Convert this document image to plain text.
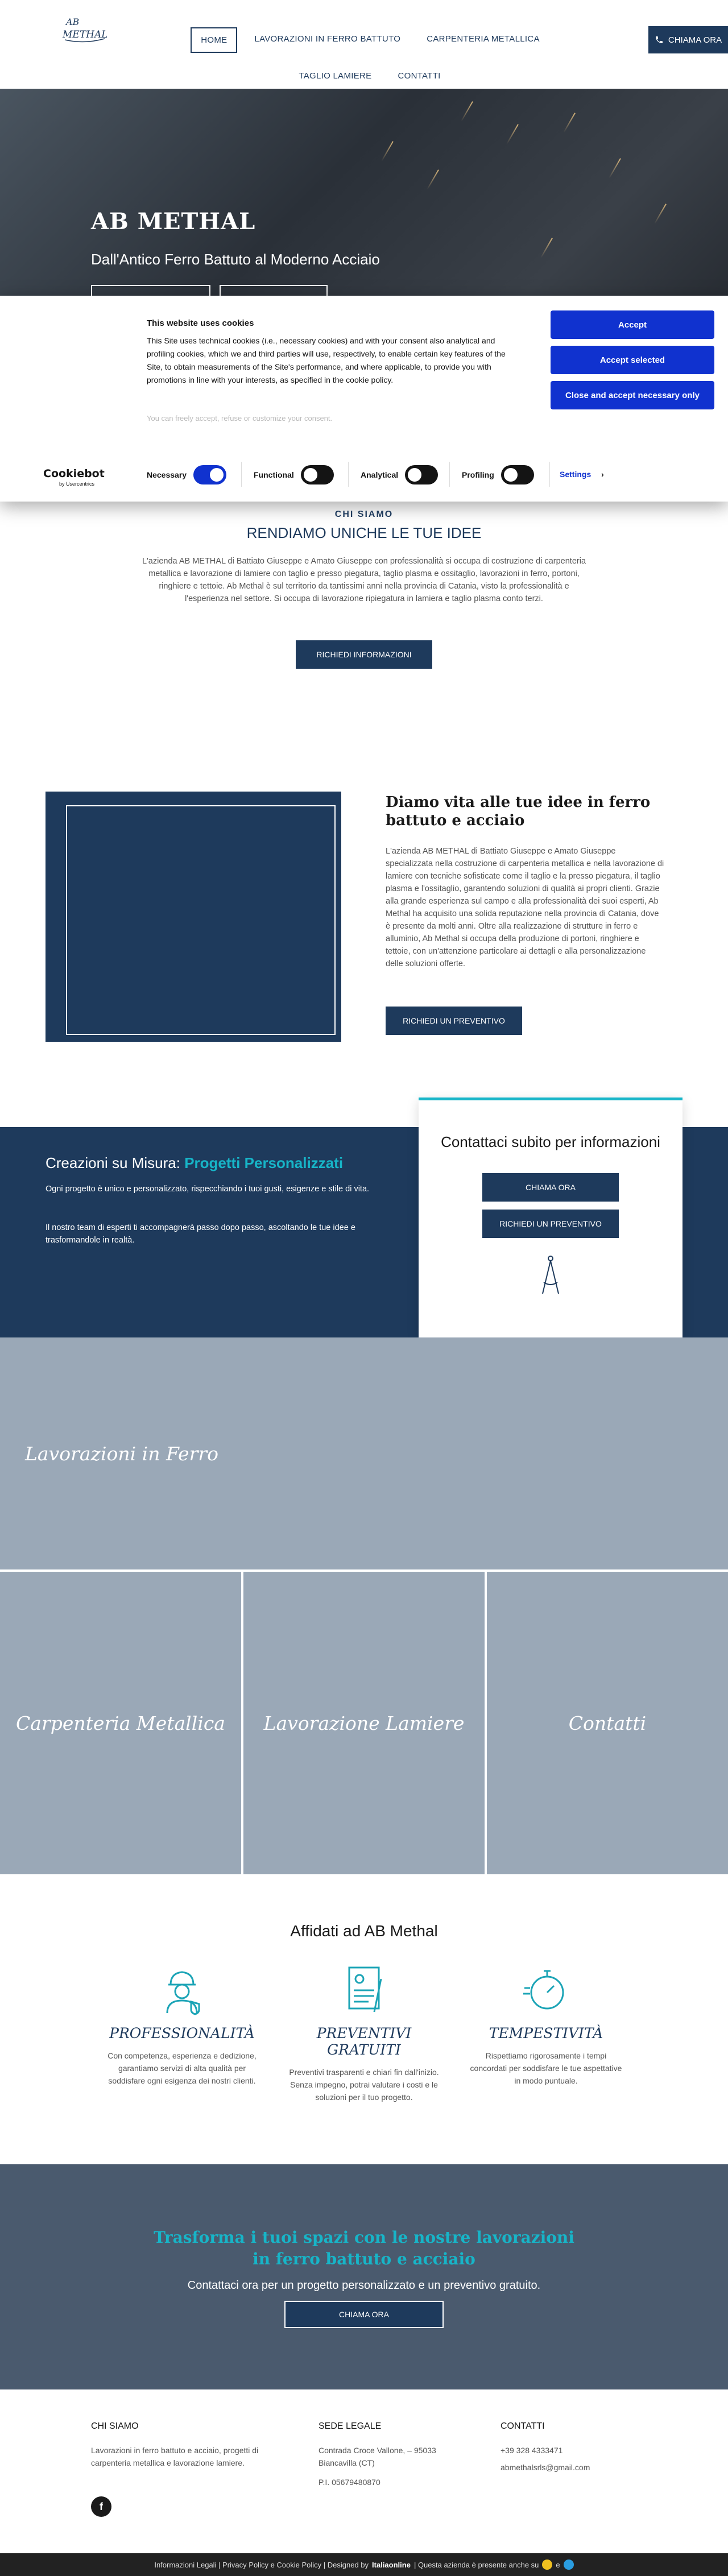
AB
METHAL	HOME	LAVORAZIONI IN FERRO BATTUTO	CARPENTERIA METALLICA
TAGLIO LAMIERE	CONTATTI
CHIAMA ORA
AB METHAL
Dall'Antico Ferro Battuto al Moderno Acciaio
This website uses cookies
This Site uses technical cookies (i.e., necessary cookies) and with your consent also analytical and profiling cookies, which we and third parties will use, respectively, to enable certain key features of the Site, to obtain measurements of the Site's performance, and where applicable, to provide you with promotions in line with your interests, as specified in the cookie policy.
You can freely accept, refuse or customize your consent.
Accept
Accept selected
Close and accept necessary only
Cookiebot
by Usercentrics
Necessary	Functional	Analytical	Profiling	Settings ›
CHI SIAMO
RENDIAMO UNICHE LE TUE IDEE
L'azienda AB METHAL di Battiato Giuseppe e Amato Giuseppe con professionalità si occupa di costruzione di carpenteria metallica e lavorazione di lamiere con taglio e presso piegatura, taglio plasma e ossitaglio, lavorazioni in ferro, portoni, ringhiere e tettoie. Ab Methal è sul territorio da tantissimi anni nella provincia di Catania, visto la professionalità e l'esperienza nel settore. Si occupa di lavorazione ripiegatura in lamiera e taglio plasma conto terzi.
RICHIEDI INFORMAZIONI
Diamo vita alle tue idee in ferro battuto e acciaio
L'azienda AB METHAL di Battiato Giuseppe e Amato Giuseppe specializzata nella costruzione di carpenteria metallica e nella lavorazione di lamiere con tecniche sofisticate come il taglio e la presso piegatura, il taglio plasma e l'ossitaglio, garantendo soluzioni di qualità ai propri clienti. Grazie alla grande esperienza sul campo e alla professionalità dei suoi esperti, Ab Methal ha acquisito una solida reputazione nella provincia di Catania, dove è presente da molti anni. Oltre alla realizzazione di strutture in ferro e alluminio, Ab Methal si occupa della produzione di portoni, ringhiere e tettoie, con un'attenzione particolare ai dettagli e alla personalizzazione delle soluzioni offerte.
RICHIEDI UN PREVENTIVO
Creazioni su Misura: Progetti Personalizzati
Ogni progetto è unico e personalizzato, rispecchiando i tuoi gusti, esigenze e stile di vita.
Il nostro team di esperti ti accompagnerà passo dopo passo, ascoltando le tue idee e trasformandole in realtà.
Contattaci subito per informazioni
CHIAMA ORA
RICHIEDI UN PREVENTIVO
Lavorazioni in Ferro
Carpenteria Metallica Lavorazione Lamiere	Contatti
Affidati ad AB Methal
PROFESSIONALITÀ

Con competenza, esperienza e dedizione, garantiamo servizi di alta qualità per soddisfare ogni esigenza dei nostri clienti.

PREVENTIVI GRATUITI

Preventivi trasparenti e chiari fin dall'inizio. Senza impegno, potrai valutare i costi e le soluzioni per il tuo progetto.

TEMPESTIVITÀ

Rispettiamo rigorosamente i tempi concordati per soddisfare le tue aspettative in modo puntuale.

Trasforma i tuoi spazi con le nostre lavorazioni in ferro battuto e acciaio
Contattaci ora per un progetto personalizzato e un preventivo gratuito.
CHIAMA ORA
CHI SIAMO

Lavorazioni in ferro battuto e acciaio, progetti di carpenteria metallica e lavorazione lamiere.

SEDE LEGALE

Contrada Croce Vallone, – 95033

Biancavilla (CT)

P.I. 05679480870

CONTATTI

+39 328 4333471

abmethalsrls@gmail.com

f
Informazioni Legali | Privacy Policy e Cookie Policy | Designed by Italiaonline | Questa azienda è presente anche su e
